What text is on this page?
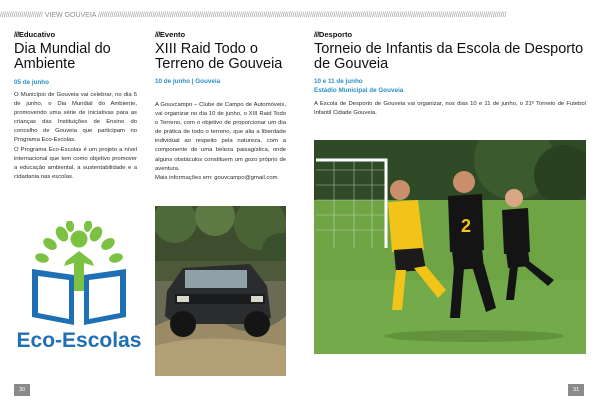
////////////////////// VIEW GOUVEIA //////////////////////////////////////////////////////////////////////////////////////////////////////////////////////////////////////////////////////////////////////////////////////////////////////////////////
///Educativo
Dia Mundial do Ambiente
05 de junho
O Município de Gouveia vai celebrar, no dia 5 de junho, o Dia Mundial do Ambiente, promovendo uma série de iniciativas para as crianças das Instituições de Ensino do concelho de Gouveia que participam no Programa Eco-Escolas.
O Programa Eco-Escolas é um projeto a nível internacional que tem como objetivo promover a educação ambiental, a sustentabilidade e a cidadania nas escolas.
Eco-Escolas
///Evento
XIII Raid Todo o Terreno de Gouveia
10 de junho | Gouveia
A Gouvcampo – Clube de Campo de Automóveis, vai organizar no dia 10 de junho, o XIII Raid Todo o Terreno, com o objetivo de proporcionar um dia de prática de todo o terreno, que alia a liberdade individual ao respeito pela natureza, com a componente de uma beleza paisagística, onde alguns obstáculos constituem um gozo próprio de aventura.
Mais informações em: gouvcampo@gmail.com
///Desporto
Torneio de Infantis da Escola de Desporto de Gouveia
10 e 11 de junho
Estádio Municipal de Gouveia
A Escola de Desporto de Gouveia vai organizar, nos dias 10 e 11 de junho, o 21º Torneio de Futebol Infantil Cidade Gouveia.
2
30	31
